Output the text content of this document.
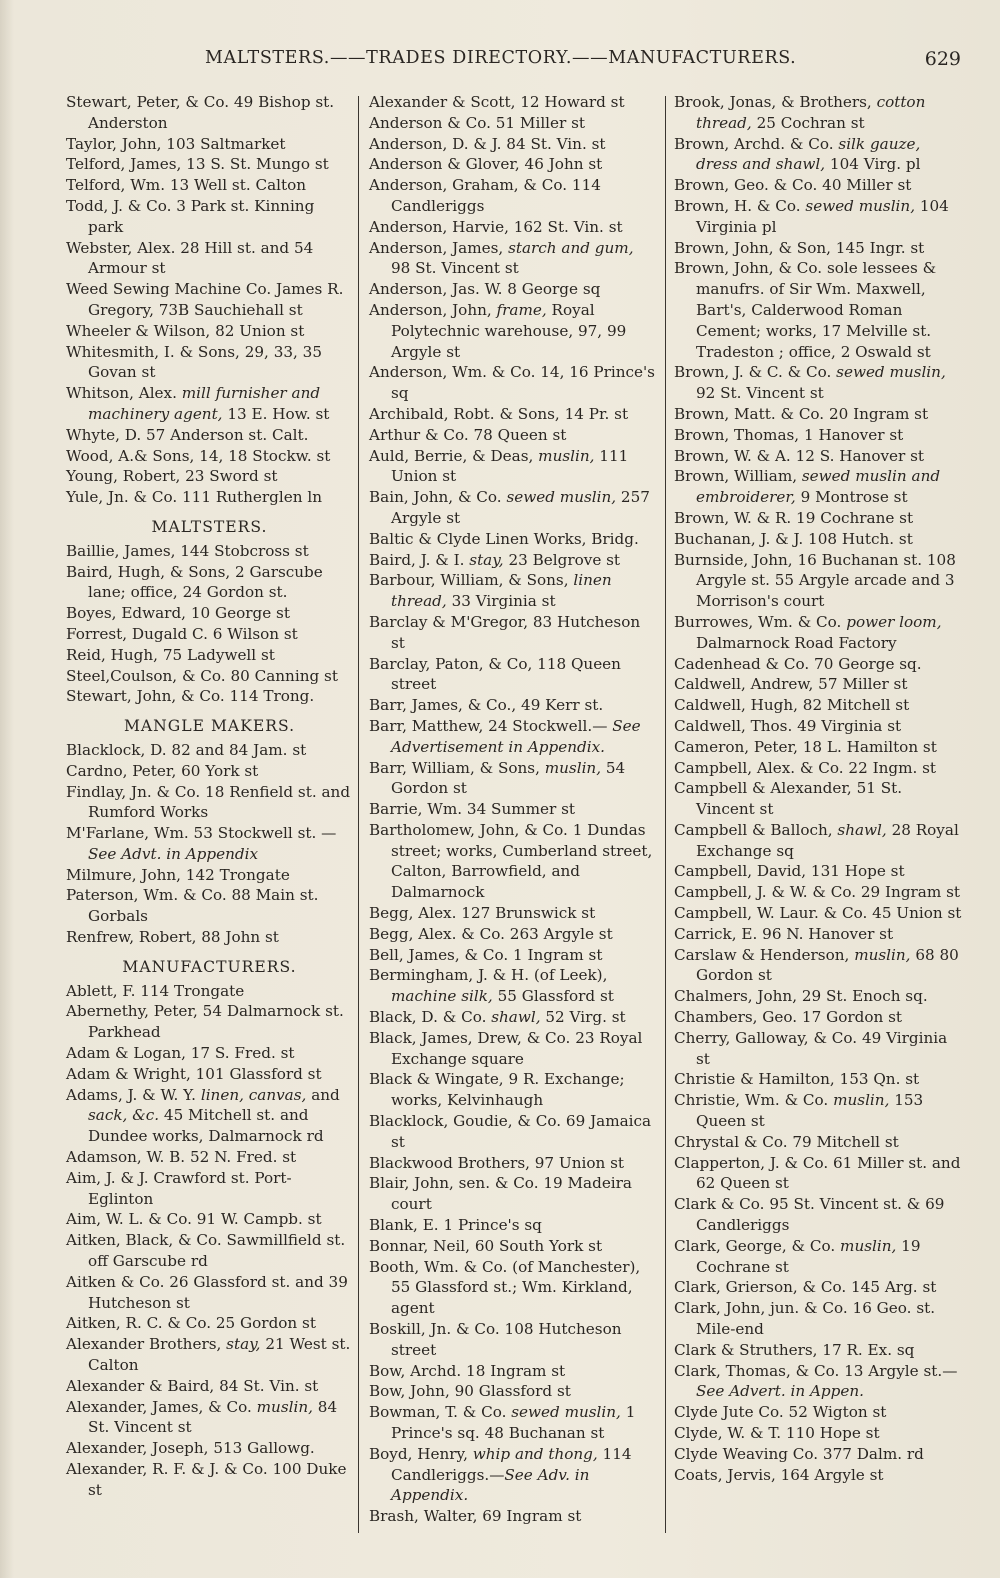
MALTSTERS.——TRADES DIRECTORY.——MANUFACTURERS.	629
Stewart, Peter, & Co. 49 Bishop st. Anderston
Taylor, John, 103 Saltmarket
Telford, James, 13 S. St. Mungo st
Telford, Wm. 13 Well st. Calton
Todd, J. & Co. 3 Park st. Kinning park
Webster, Alex. 28 Hill st. and 54 Armour st
Weed Sewing Machine Co. James R. Gregory, 73B Sauchiehall st
Wheeler & Wilson, 82 Union st
Whitesmith, I. & Sons, 29, 33, 35 Govan st
Whitson, Alex. mill furnisher and machinery agent, 13 E. How. st
Whyte, D. 57 Anderson st. Calt.
Wood, A.& Sons, 14, 18 Stockw. st
Young, Robert, 23 Sword st
Yule, Jn. & Co. 111 Rutherglen ln
MALTSTERS.
Baillie, James, 144 Stobcross st
Baird, Hugh, & Sons, 2 Garscube lane; office, 24 Gordon st.
Boyes, Edward, 10 George st
Forrest, Dugald C. 6 Wilson st
Reid, Hugh, 75 Ladywell st
Steel,Coulson, & Co. 80 Canning st
Stewart, John, & Co. 114 Trong.
MANGLE MAKERS.
Blacklock, D. 82 and 84 Jam. st
Cardno, Peter, 60 York st
Findlay, Jn. & Co. 18 Renfield st. and Rumford Works
M'Farlane, Wm. 53 Stockwell st. —See Advt. in Appendix
Milmure, John, 142 Trongate
Paterson, Wm. & Co. 88 Main st. Gorbals
Renfrew, Robert, 88 John st
MANUFACTURERS.
Ablett, F. 114 Trongate
Abernethy, Peter, 54 Dalmarnock st. Parkhead
Adam & Logan, 17 S. Fred. st
Adam & Wright, 101 Glassford st
Adams, J. & W. Y. linen, canvas, and sack, &c. 45 Mitchell st. and Dundee works, Dalmarnock rd
Adamson, W. B. 52 N. Fred. st
Aim, J. & J. Crawford st. Port-Eglinton
Aim, W. L. & Co. 91 W. Campb. st
Aitken, Black, & Co. Sawmillfield st. off Garscube rd
Aitken & Co. 26 Glassford st. and 39 Hutcheson st
Aitken, R. C. & Co. 25 Gordon st
Alexander Brothers, stay, 21 West st. Calton
Alexander & Baird, 84 St. Vin. st
Alexander, James, & Co. muslin, 84 St. Vincent st
Alexander, Joseph, 513 Gallowg.
Alexander, R. F. & J. & Co. 100 Duke st
Alexander & Scott, 12 Howard st
Anderson & Co. 51 Miller st
Anderson, D. & J. 84 St. Vin. st
Anderson & Glover, 46 John st
Anderson, Graham, & Co. 114 Candleriggs
Anderson, Harvie, 162 St. Vin. st
Anderson, James, starch and gum, 98 St. Vincent st
Anderson, Jas. W. 8 George sq
Anderson, John, frame, Royal Polytechnic warehouse, 97, 99 Argyle st
Anderson, Wm. & Co. 14, 16 Prince's sq
Archibald, Robt. & Sons, 14 Pr. st
Arthur & Co. 78 Queen st
Auld, Berrie, & Deas, muslin, 111 Union st
Bain, John, & Co. sewed muslin, 257 Argyle st
Baltic & Clyde Linen Works, Bridg.
Baird, J. & I. stay, 23 Belgrove st
Barbour, William, & Sons, linen thread, 33 Virginia st
Barclay & M'Gregor, 83 Hutcheson st
Barclay, Paton, & Co, 118 Queen street
Barr, James, & Co., 49 Kerr st.
Barr, Matthew, 24 Stockwell.— See Advertisement in Appendix.
Barr, William, & Sons, muslin, 54 Gordon st
Barrie, Wm. 34 Summer st
Bartholomew, John, & Co. 1 Dundas street; works, Cumberland street, Calton, Barrowfield, and Dalmarnock
Begg, Alex. 127 Brunswick st
Begg, Alex. & Co. 263 Argyle st
Bell, James, & Co. 1 Ingram st
Bermingham, J. & H. (of Leek), machine silk, 55 Glassford st
Black, D. & Co. shawl, 52 Virg. st
Black, James, Drew, & Co. 23 Royal Exchange square
Black & Wingate, 9 R. Exchange; works, Kelvinhaugh
Blacklock, Goudie, & Co. 69 Jamaica st
Blackwood Brothers, 97 Union st
Blair, John, sen. & Co. 19 Madeira court
Blank, E. 1 Prince's sq
Bonnar, Neil, 60 South York st
Booth, Wm. & Co. (of Manchester), 55 Glassford st.; Wm. Kirkland, agent
Boskill, Jn. & Co. 108 Hutcheson street
Bow, Archd. 18 Ingram st
Bow, John, 90 Glassford st
Bowman, T. & Co. sewed muslin, 1 Prince's sq. 48 Buchanan st
Boyd, Henry, whip and thong, 114 Candleriggs.—See Adv. in Appendix.
Brash, Walter, 69 Ingram st
Brook, Jonas, & Brothers, cotton thread, 25 Cochran st
Brown, Archd. & Co. silk gauze, dress and shawl, 104 Virg. pl
Brown, Geo. & Co. 40 Miller st
Brown, H. & Co. sewed muslin, 104 Virginia pl
Brown, John, & Son, 145 Ingr. st
Brown, John, & Co. sole lessees & manufrs. of Sir Wm. Maxwell, Bart's, Calderwood Roman Cement; works, 17 Melville st. Tradeston ; office, 2 Oswald st
Brown, J. & C. & Co. sewed muslin, 92 St. Vincent st
Brown, Matt. & Co. 20 Ingram st
Brown, Thomas, 1 Hanover st
Brown, W. & A. 12 S. Hanover st
Brown, William, sewed muslin and embroiderer, 9 Montrose st
Brown, W. & R. 19 Cochrane st
Buchanan, J. & J. 108 Hutch. st
Burnside, John, 16 Buchanan st. 108 Argyle st. 55 Argyle arcade and 3 Morrison's court
Burrowes, Wm. & Co. power loom, Dalmarnock Road Factory
Cadenhead & Co. 70 George sq.
Caldwell, Andrew, 57 Miller st
Caldwell, Hugh, 82 Mitchell st
Caldwell, Thos. 49 Virginia st
Cameron, Peter, 18 L. Hamilton st
Campbell, Alex. & Co. 22 Ingm. st
Campbell & Alexander, 51 St. Vincent st
Campbell & Balloch, shawl, 28 Royal Exchange sq
Campbell, David, 131 Hope st
Campbell, J. & W. & Co. 29 Ingram st
Campbell, W. Laur. & Co. 45 Union st
Carrick, E. 96 N. Hanover st
Carslaw & Henderson, muslin, 68 80 Gordon st
Chalmers, John, 29 St. Enoch sq.
Chambers, Geo. 17 Gordon st
Cherry, Galloway, & Co. 49 Virginia st
Christie & Hamilton, 153 Qn. st
Christie, Wm. & Co. muslin, 153 Queen st
Chrystal & Co. 79 Mitchell st
Clapperton, J. & Co. 61 Miller st. and 62 Queen st
Clark & Co. 95 St. Vincent st. & 69 Candleriggs
Clark, George, & Co. muslin, 19 Cochrane st
Clark, Grierson, & Co. 145 Arg. st
Clark, John, jun. & Co. 16 Geo. st. Mile-end
Clark & Struthers, 17 R. Ex. sq
Clark, Thomas, & Co. 13 Argyle st.—See Advert. in Appen.
Clyde Jute Co. 52 Wigton st
Clyde, W. & T. 110 Hope st
Clyde Weaving Co. 377 Dalm. rd
Coats, Jervis, 164 Argyle st
